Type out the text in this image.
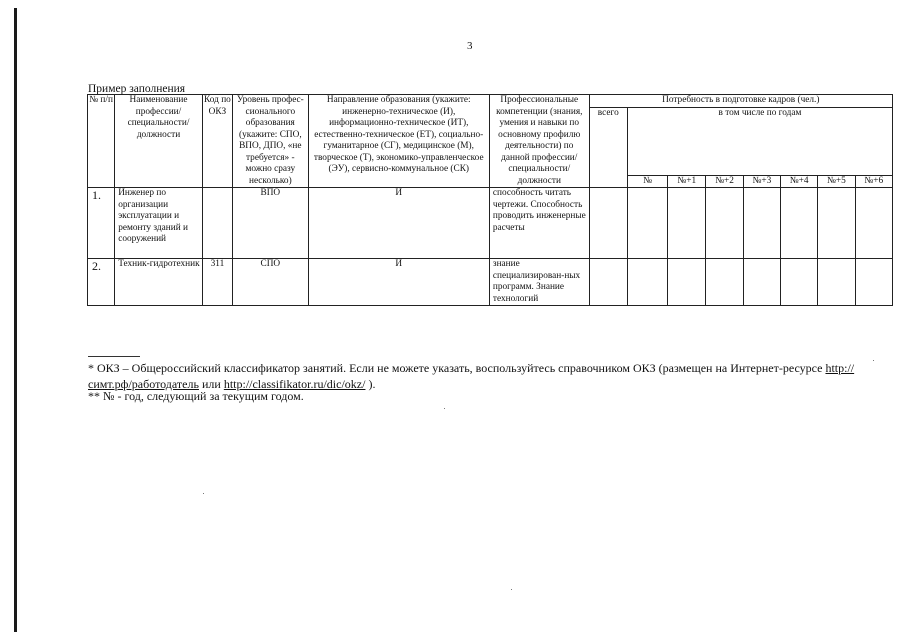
3
Пример заполнения
№ п/п	Наименование профессии/ специальности/ должности	Код по ОКЗ	Уровень профес-сионального образования (укажите: СПО, ВПО, ДПО, «не требуется» - можно сразу несколько)	Направление образования (укажите: инженерно-техническое (И), информационно-техническое (ИТ), естественно-техническое (ЕТ), социально-гуманитарное (СГ), медицинское (М), творческое (Т), экономико-управленческое (ЭУ), сервисно-коммунальное (СК)	Профессиональные компетенции (знания, умения и навыки по основному профилю деятельности) по данной профессии/ специальности/ должности	Потребность в подготовке кадров (чел.)							
						всего	в том числе по годам						
							№	№+1	№+2	№+3	№+4	№+5	№+6
1.	Инженер по организации эксплуатации и ремонту зданий и сооружений		ВПО	И	способность читать чертежи. Способность проводить инженерные расчеты								
2.	Техник-гидротехник	311	СПО	И	знание специализирован-ных программ. Знание технологий								
* ОКЗ – Общероссийский классификатор занятий. Если не можете указать, воспользуйтесь справочником ОКЗ (размещен на Интернет-ресурсе http://симт.рф/работодатель или http://classifikator.ru/dic/okz/ ).
** № - год, следующий за текущим годом.
